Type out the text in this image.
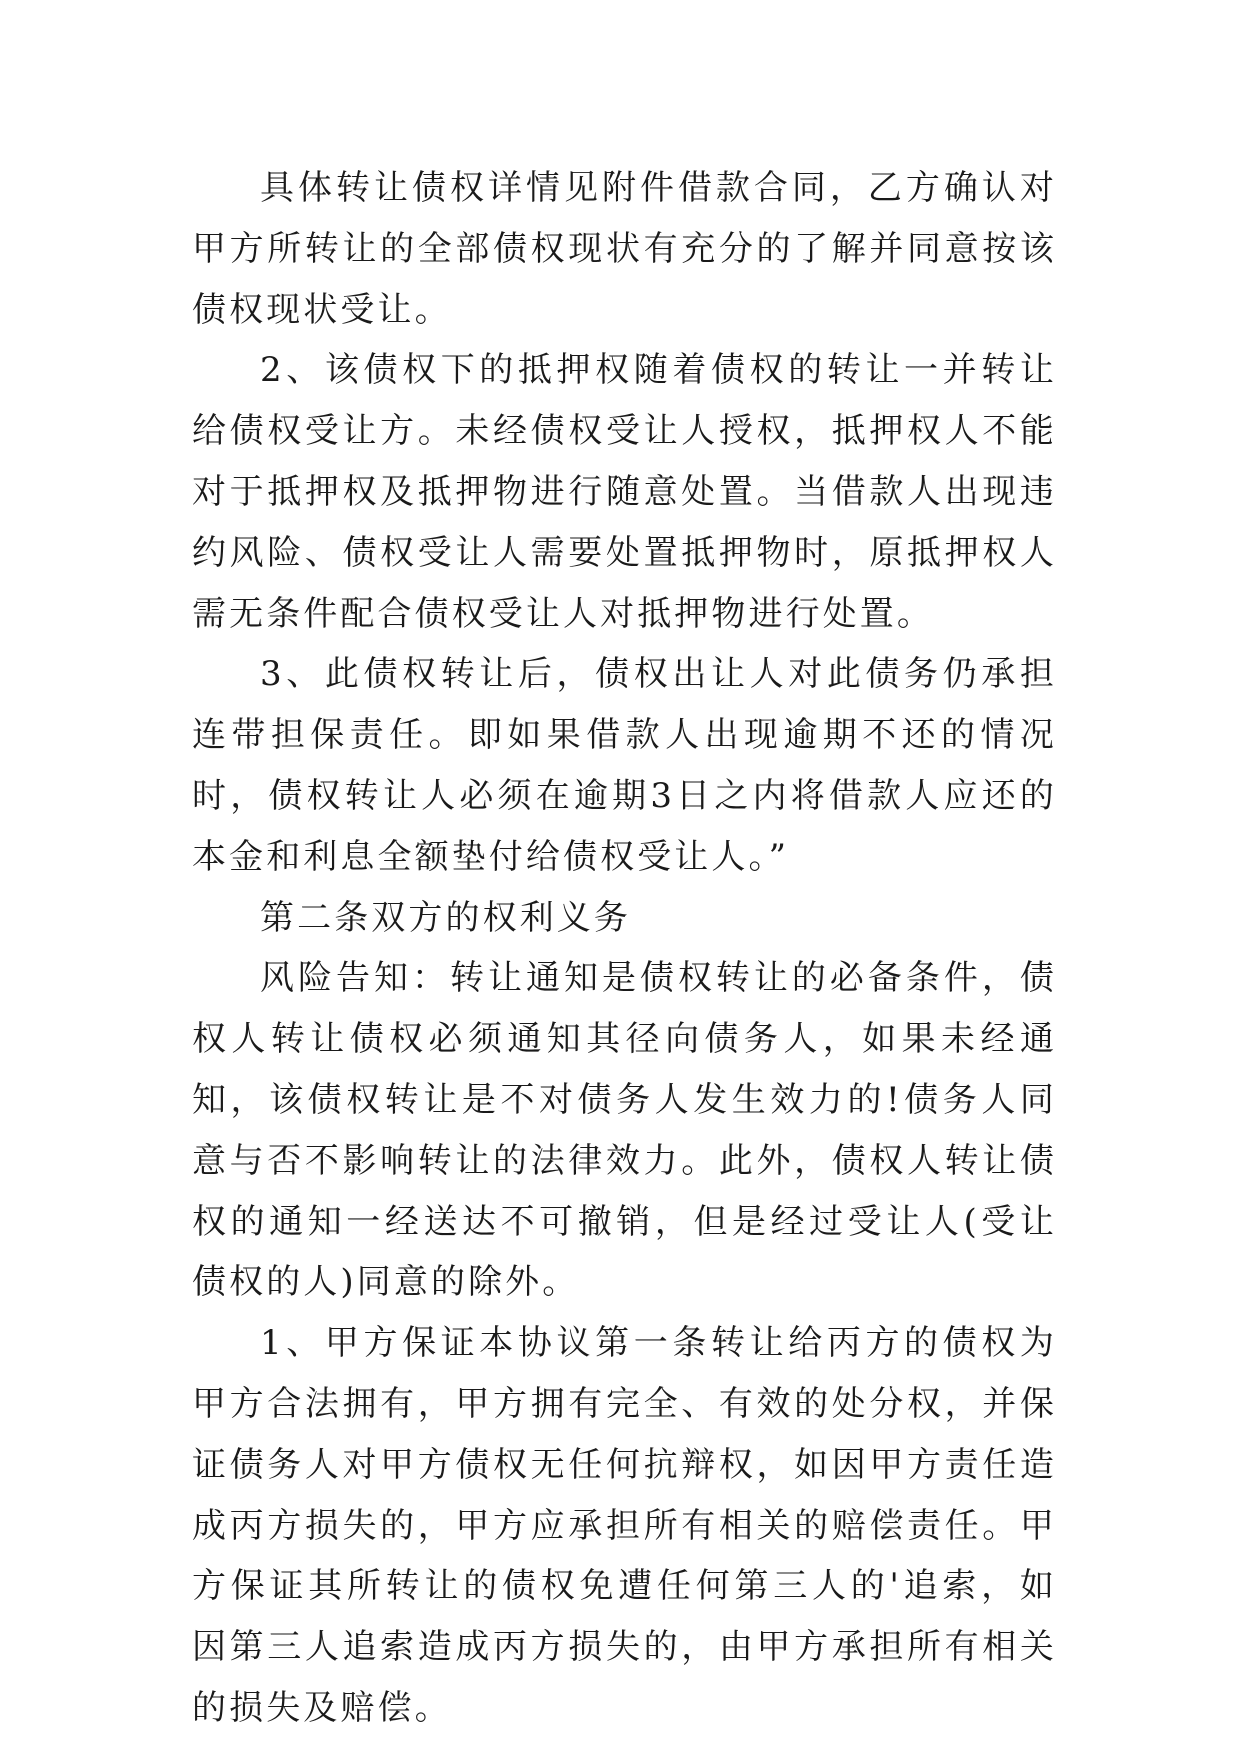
具体转让债权详情见附件借款合同，乙方确认对甲方所转让的全部债权现状有充分的了解并同意按该债权现状受让。

2、该债权下的抵押权随着债权的转让一并转让给债权受让方。未经债权受让人授权，抵押权人不能对于抵押权及抵押物进行随意处置。当借款人出现违约风险、债权受让人需要处置抵押物时，原抵押权人需无条件配合债权受让人对抵押物进行处置。

3、此债权转让后，债权出让人对此债务仍承担连带担保责任。即如果借款人出现逾期不还的情况时，债权转让人必须在逾期3日之内将借款人应还的本金和利息全额垫付给债权受让人。”

第二条双方的权利义务

风险告知：转让通知是债权转让的必备条件，债权人转让债权必须通知其径向债务人，如果未经通知，该债权转让是不对债务人发生效力的!债务人同意与否不影响转让的法律效力。此外，债权人转让债权的通知一经送达不可撤销，但是经过受让人(受让债权的人)同意的除外。

1、甲方保证本协议第一条转让给丙方的债权为甲方合法拥有，甲方拥有完全、有效的处分权，并保证债务人对甲方债权无任何抗辩权，如因甲方责任造成丙方损失的，甲方应承担所有相关的赔偿责任。甲方保证其所转让的债权免遭任何第三人的'追索，如因第三人追索造成丙方损失的，由甲方承担所有相关的损失及赔偿。
